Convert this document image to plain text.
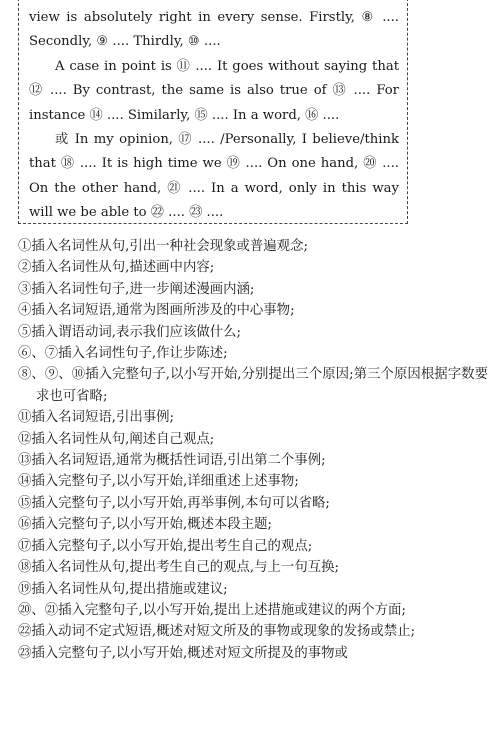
view is absolutely right in every sense. Firstly, ⑧ .... Secondly, ⑨ .... Thirdly, ⑩ ....

A case in point is ⑪ .... It goes without saying that ⑫ .... By contrast, the same is also true of ⑬ .... For instance ⑭ .... Similarly, ⑮ .... In a word, ⑯ ....

或 In my opinion, ⑰ .... /Personally, I believe/think that ⑱ .... It is high time we ⑲ .... On one hand, ⑳ .... On the other hand, ㉑ .... In a word, only in this way will we be able to ㉒ .... ㉓ ....

①插入名词性从句,引出一种社会现象或普遍观念;

②插入名词性从句,描述画中内容;

③插入名词性句子,进一步阐述漫画内涵;

④插入名词短语,通常为图画所涉及的中心事物;

⑤插入谓语动词,表示我们应该做什么;

⑥、⑦插入名词性句子,作让步陈述;

⑧、⑨、⑩插入完整句子,以小写开始,分别提出三个原因;第三个原因根据字数要求也可省略;

⑪插入名词短语,引出事例;

⑫插入名词性从句,阐述自己观点;

⑬插入名词短语,通常为概括性词语,引出第二个事例;

⑭插入完整句子,以小写开始,详细重述上述事物;

⑮插入完整句子,以小写开始,再举事例,本句可以省略;

⑯插入完整句子,以小写开始,概述本段主题;

⑰插入完整句子,以小写开始,提出考生自己的观点;

⑱插入名词性从句,提出考生自己的观点,与上一句互换;

⑲插入名词性从句,提出措施或建议;

⑳、㉑插入完整句子,以小写开始,提出上述措施或建议的两个方面;

㉒插入动词不定式短语,概述对短文所及的事物或现象的发扬或禁止;

㉓插入完整句子,以小写开始,概述对短文所提及的事物或
